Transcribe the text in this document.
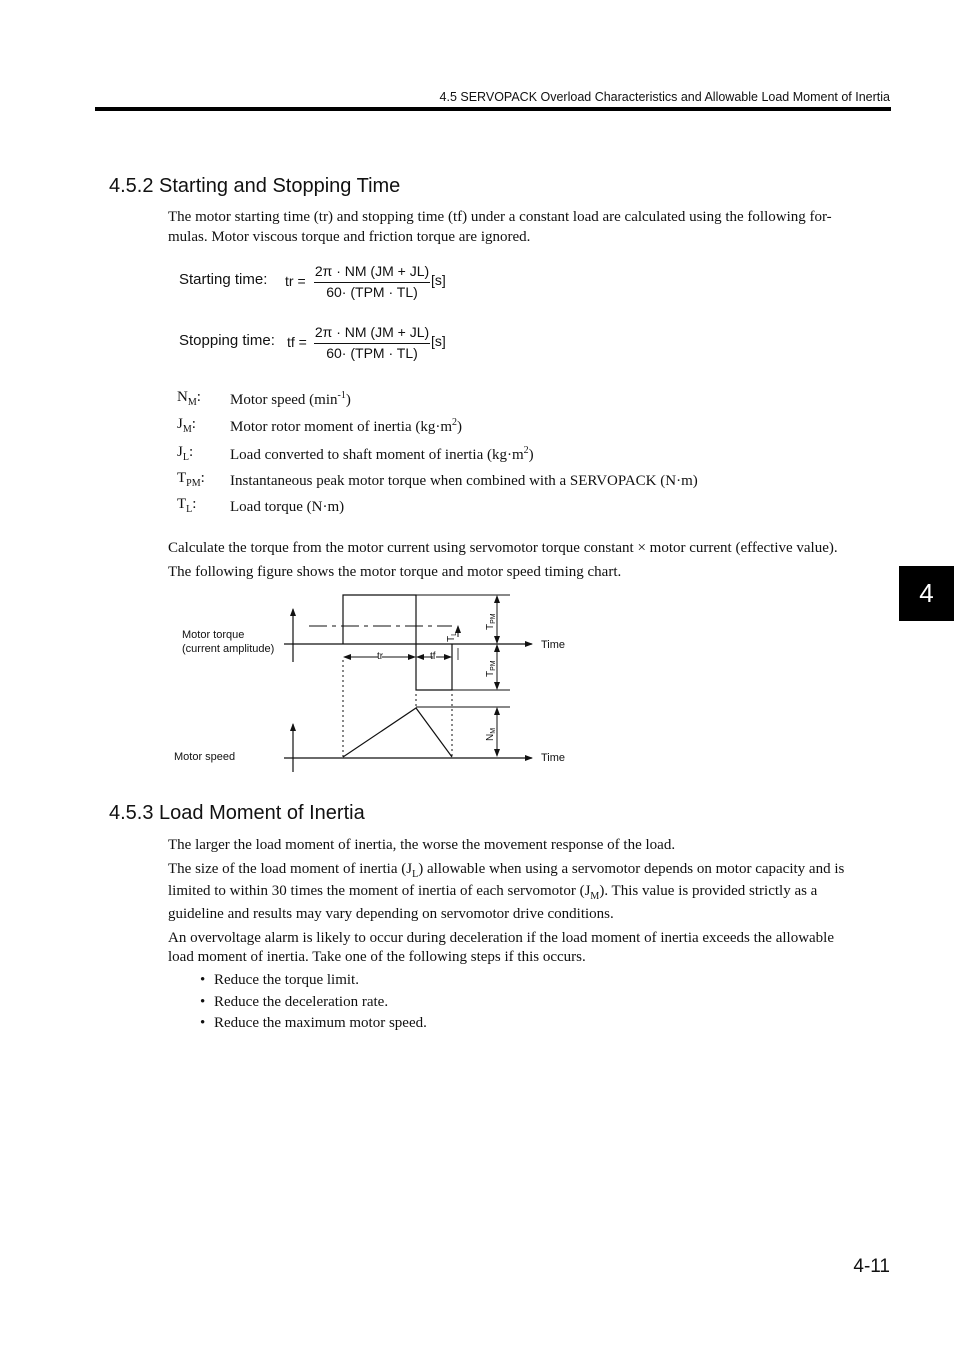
4.5 SERVOPACK Overload Characteristics and Allowable Load Moment of Inertia
4.5.2 Starting and Stopping Time
The motor starting time (tr) and stopping time (tf) under a constant load are calculated using the following for-
mulas. Motor viscous torque and friction torque are ignored.
Starting time: tr =
2π · NM (JM + JL)
60· (TPM · TL)
[s]
Stopping time: tf =
2π · NM (JM + JL)
60· (TPM · TL)
[s]
$N_M$: Motor speed $(\min^{-1})$
$J_M$: Motor rotor moment of inertia $(kg\cdot m^2)$
$J_L$: Load converted to shaft moment of inertia $(kg\cdot m^2)$
$T_{PM}$: Instantaneous peak motor torque when combined with a SERVOPACK (N·m)
$T_L$: Load torque (N·m)
Calculate the torque from the motor current using servomotor torque constant × motor current (effective value).
The following figure shows the motor torque and motor speed timing chart.
4
Motor torque
(current amplitude)
Motor speed
Time
Time
tr	tf
$T_L$
$T_{PM}$
$T_{PM}$
$N_M$
4.5.3 Load Moment of Inertia
The larger the load moment of inertia, the worse the movement response of the load.
The size of the load moment of inertia $(J_L)$ allowable when using a servomotor depends on motor capacity and is
limited to within 30 times the moment of inertia of each servomotor $(J_M)$. This value is provided strictly as a
guideline and results may vary depending on servomotor drive conditions.
An overvoltage alarm is likely to occur during deceleration if the load moment of inertia exceeds the allowable
load moment of inertia. Take one of the following steps if this occurs.
• Reduce the torque limit.
• Reduce the deceleration rate.
• Reduce the maximum motor speed.
4-11
